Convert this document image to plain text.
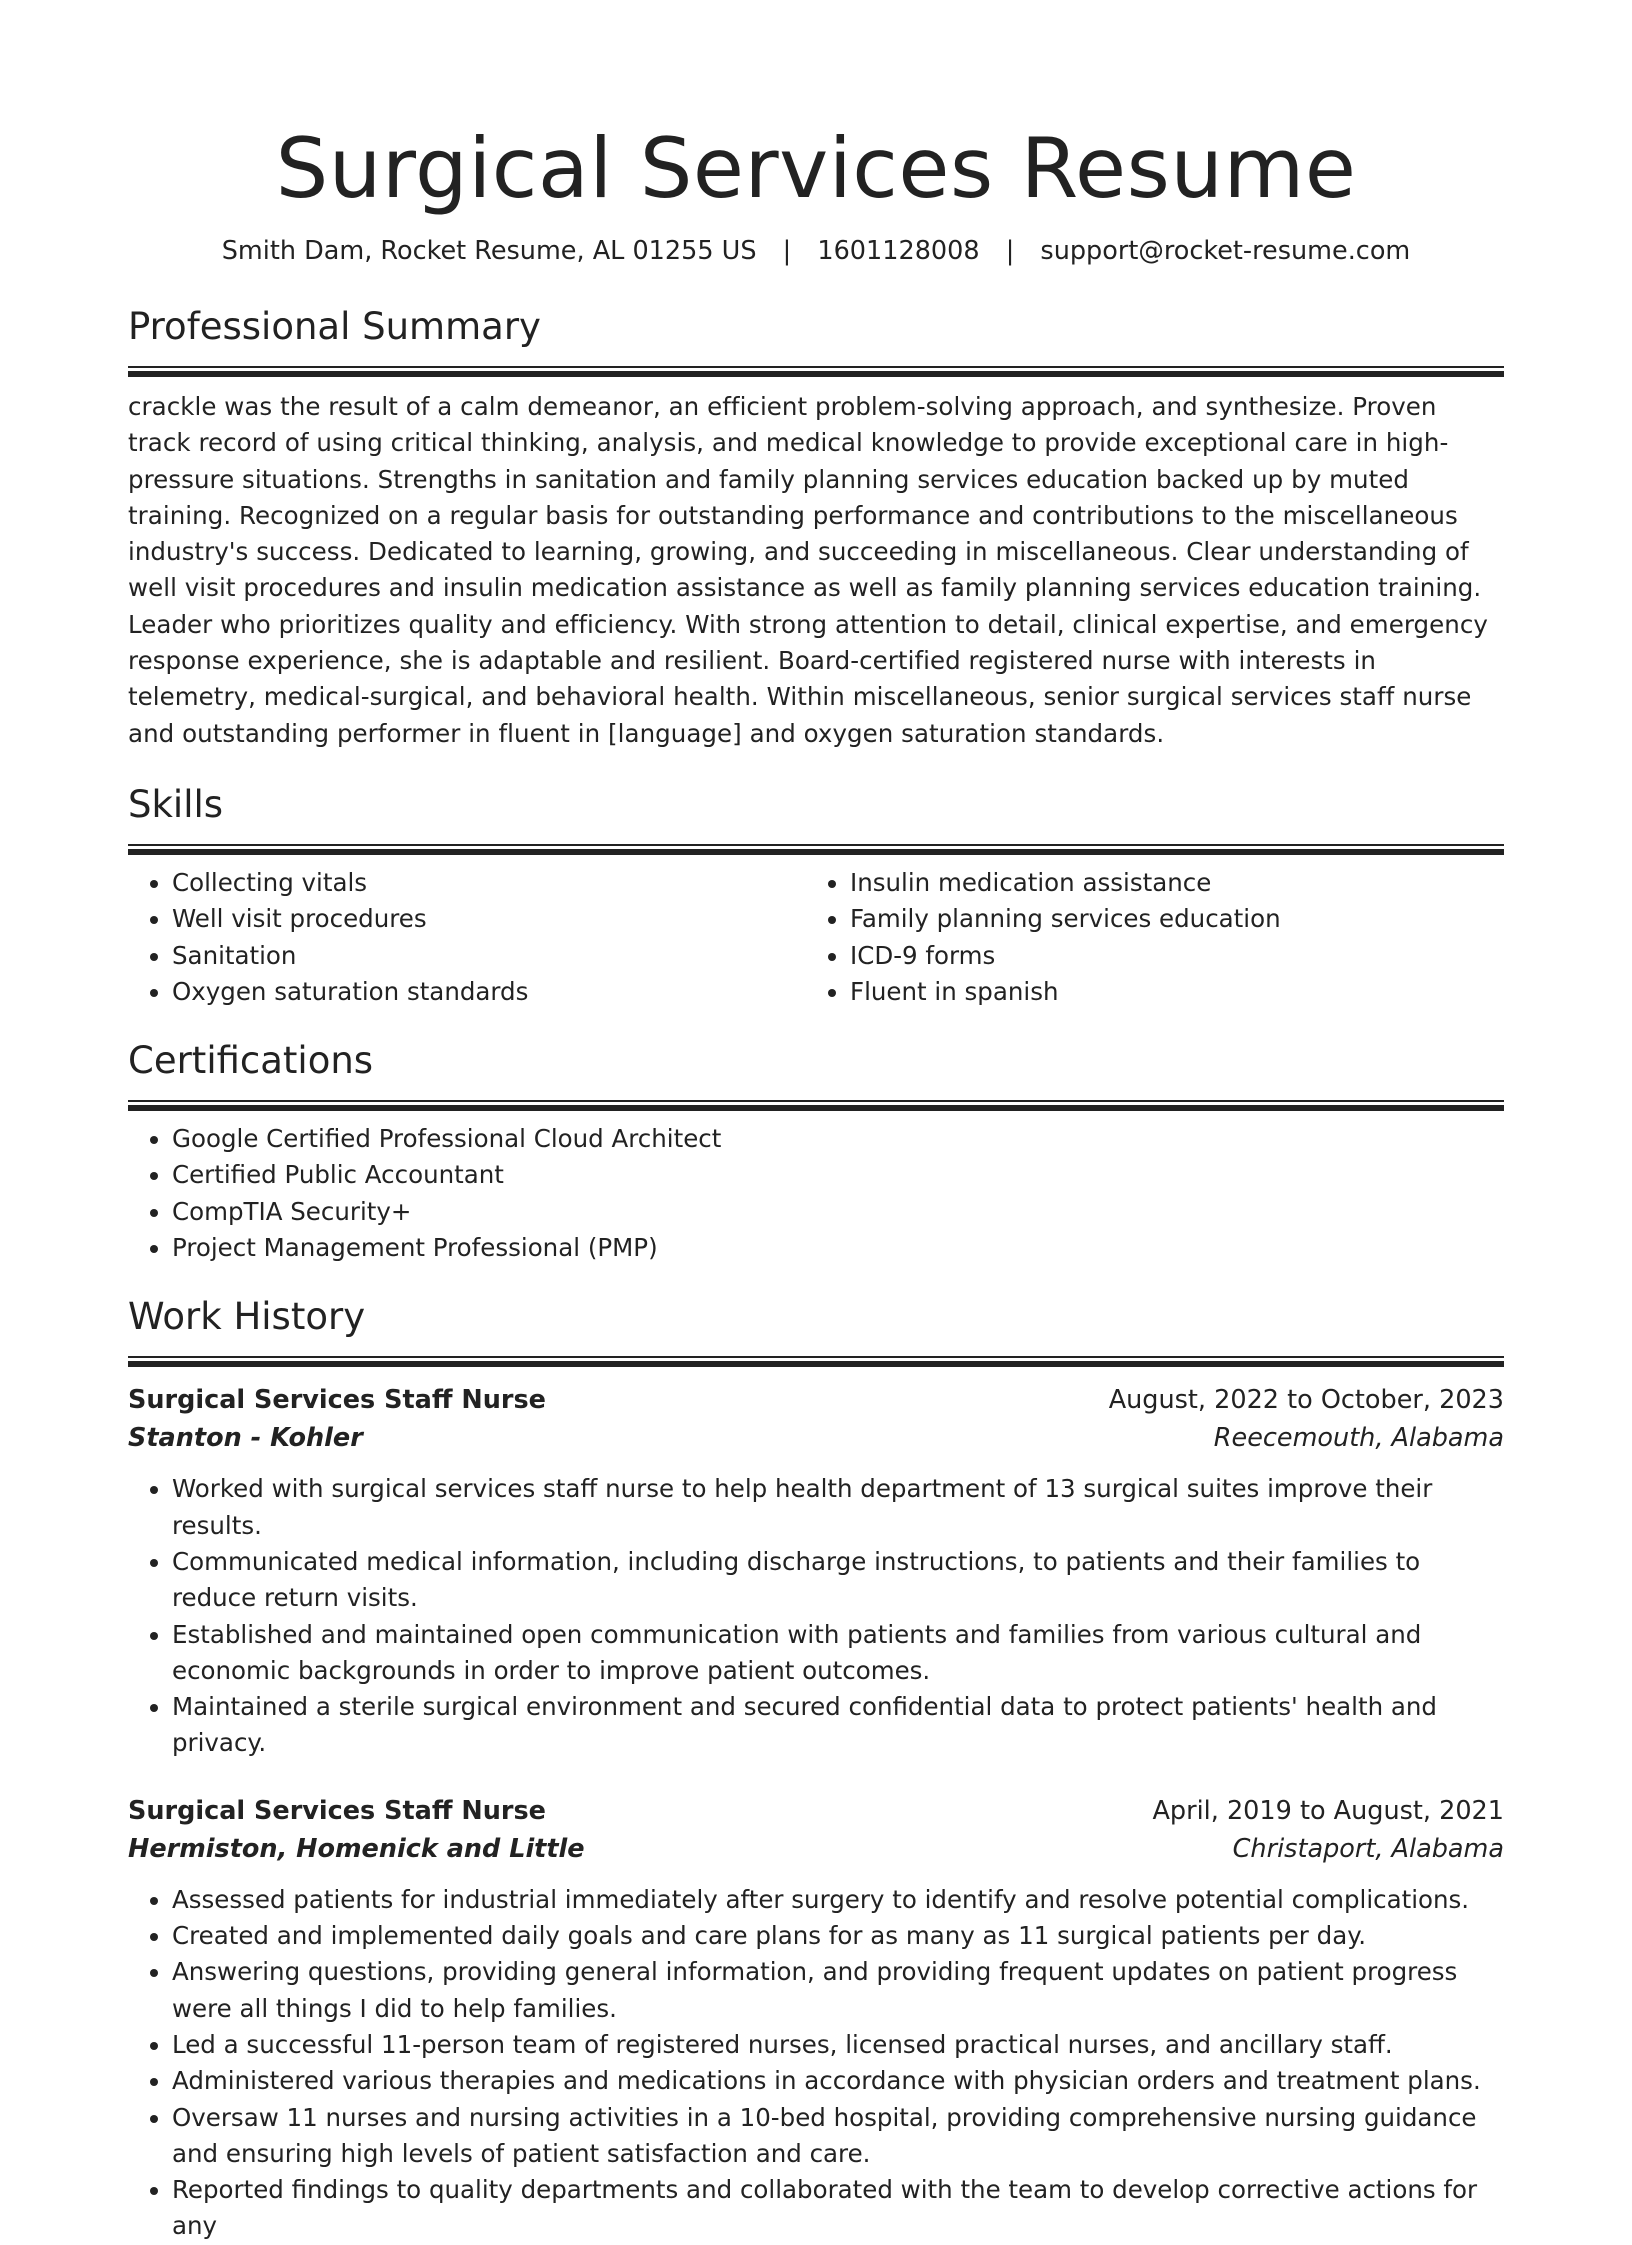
Surgical Services Resume
Smith Dam, Rocket Resume, AL 01255 US | 1601128008 | support@rocket-resume.com
Professional Summary
crackle was the result of a calm demeanor, an efficient problem-solving approach, and synthesize. Proven track record of using critical thinking, analysis, and medical knowledge to provide exceptional care in high-pressure situations. Strengths in sanitation and family planning services education backed up by muted training. Recognized on a regular basis for outstanding performance and contributions to the miscellaneous industry's success. Dedicated to learning, growing, and succeeding in miscellaneous. Clear understanding of well visit procedures and insulin medication assistance as well as family planning services education training. Leader who prioritizes quality and efficiency. With strong attention to detail, clinical expertise, and emergency response experience, she is adaptable and resilient. Board-certified registered nurse with interests in telemetry, medical-surgical, and behavioral health. Within miscellaneous, senior surgical services staff nurse and outstanding performer in fluent in [language] and oxygen saturation standards.
Skills
• Collecting vitals
• Well visit procedures
• Sanitation
• Oxygen saturation standards
• Insulin medication assistance
• Family planning services education
• ICD-9 forms
• Fluent in spanish
Certifications
• Google Certified Professional Cloud Architect
• Certified Public Accountant
• CompTIA Security+
• Project Management Professional (PMP)
Work History
Surgical Services Staff Nurse	August, 2022 to October, 2023
Stanton - Kohler	Reecemouth, Alabama
• Worked with surgical services staff nurse to help health department of 13 surgical suites improve their results.
• Communicated medical information, including discharge instructions, to patients and their families to reduce return visits.
• Established and maintained open communication with patients and families from various cultural and economic backgrounds in order to improve patient outcomes.
• Maintained a sterile surgical environment and secured confidential data to protect patients' health and privacy.
Surgical Services Staff Nurse	April, 2019 to August, 2021
Hermiston, Homenick and Little	Christaport, Alabama
• Assessed patients for industrial immediately after surgery to identify and resolve potential complications.
• Created and implemented daily goals and care plans for as many as 11 surgical patients per day.
• Answering questions, providing general information, and providing frequent updates on patient progress were all things I did to help families.
• Led a successful 11-person team of registered nurses, licensed practical nurses, and ancillary staff.
• Administered various therapies and medications in accordance with physician orders and treatment plans.
• Oversaw 11 nurses and nursing activities in a 10-bed hospital, providing comprehensive nursing guidance and ensuring high levels of patient satisfaction and care.
• Reported findings to quality departments and collaborated with the team to develop corrective actions for any
